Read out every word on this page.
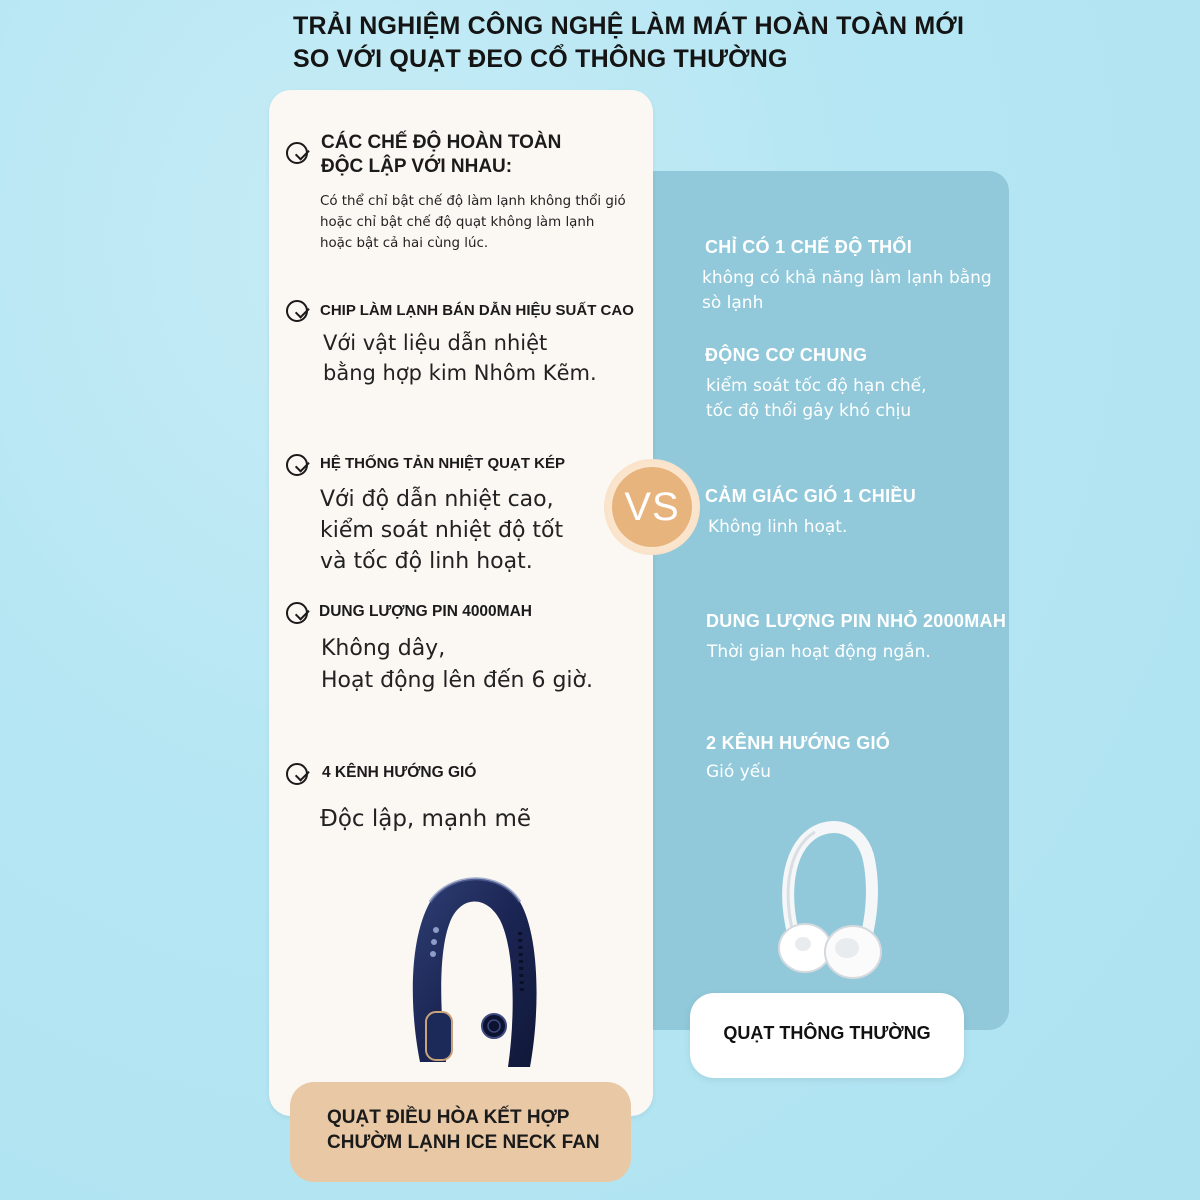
TRẢI NGHIỆM CÔNG NGHỆ LÀM MÁT HOÀN TOÀN MỚI
SO VỚI QUẠT ĐEO CỔ THÔNG THƯỜNG
CÁC CHẾ ĐỘ HOÀN TOÀN
ĐỘC LẬP VỚI NHAU:
Có thể chỉ bật chế độ làm lạnh không thổi gió
hoặc chỉ bật chế độ quạt không làm lạnh
hoặc bật cả hai cùng lúc.
CHIP LÀM LẠNH BÁN DẪN HIỆU SUẤT CAO
Với vật liệu dẫn nhiệt
bằng hợp kim Nhôm Kẽm.
HỆ THỐNG TẢN NHIỆT QUẠT KÉP
Với độ dẫn nhiệt cao,
kiểm soát nhiệt độ tốt
và tốc độ linh hoạt.
DUNG LƯỢNG PIN 4000MAH
Không dây,
Hoạt động lên đến 6 giờ.
4 KÊNH HƯỚNG GIÓ
Độc lập, mạnh mẽ
CHỈ CÓ 1 CHẾ ĐỘ THỔI
không có khả năng làm lạnh bằng
sò lạnh
ĐỘNG CƠ CHUNG
kiểm soát tốc độ hạn chế,
tốc độ thổi gây khó chịu
CẢM GIÁC GIÓ 1 CHIỀU
Không linh hoạt.
DUNG LƯỢNG PIN NHỎ 2000MAH
Thời gian hoạt động ngắn.
2 KÊNH HƯỚNG GIÓ
Gió yếu
VS
QUẠT ĐIỀU HÒA KẾT HỢP
CHƯỜM LẠNH ICE NECK FAN
QUẠT THÔNG THƯỜNG
